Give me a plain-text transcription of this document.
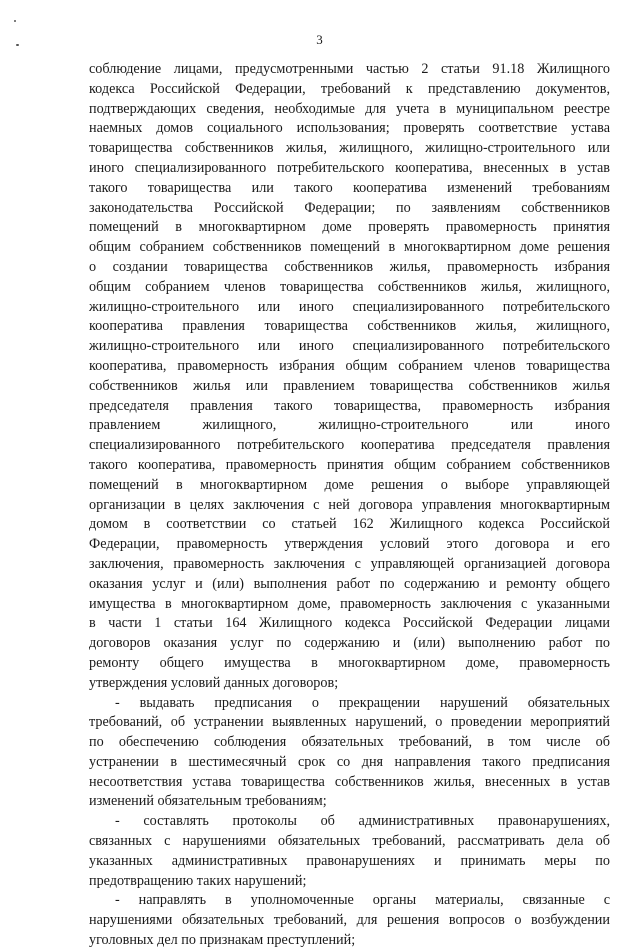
3
соблюдение лицами, предусмотренными частью 2 статьи 91.18 Жилищного
кодекса Российской Федерации, требований к представлению документов,
подтверждающих сведения, необходимые для учета в муниципальном реестре
наемных домов социального использования; проверять соответствие устава
товарищества собственников жилья, жилищного, жилищно-строительного или
иного специализированного потребительского кооператива, внесенных в устав
такого товарищества или такого кооператива изменений требованиям
законодательства Российской Федерации; по заявлениям собственников
помещений в многоквартирном доме проверять правомерность принятия
общим собранием собственников помещений в многоквартирном доме решения
о создании товарищества собственников жилья, правомерность избрания
общим собранием членов товарищества собственников жилья, жилищного,
жилищно-строительного или иного специализированного потребительского
кооператива правления товарищества собственников жилья, жилищного,
жилищно-строительного или иного специализированного потребительского
кооператива, правомерность избрания общим собранием членов товарищества
собственников жилья или правлением товарищества собственников жилья
председателя правления такого товарищества, правомерность избрания
правлением жилищного, жилищно-строительного или иного
специализированного потребительского кооператива председателя правления
такого кооператива, правомерность принятия общим собранием собственников
помещений в многоквартирном доме решения о выборе управляющей
организации в целях заключения с ней договора управления многоквартирным
домом в соответствии со статьей 162 Жилищного кодекса Российской
Федерации, правомерность утверждения условий этого договора и его
заключения, правомерность заключения с управляющей организацией договора
оказания услуг и (или) выполнения работ по содержанию и ремонту общего
имущества в многоквартирном доме, правомерность заключения с указанными
в части 1 статьи 164 Жилищного кодекса Российской Федерации лицами
договоров оказания услуг по содержанию и (или) выполнению работ по
ремонту общего имущества в многоквартирном доме, правомерность
утверждения условий данных договоров;
- выдавать предписания о прекращении нарушений обязательных
требований, об устранении выявленных нарушений, о проведении мероприятий
по обеспечению соблюдения обязательных требований, в том числе об
устранении в шестимесячный срок со дня направления такого предписания
несоответствия устава товарищества собственников жилья, внесенных в устав
изменений обязательным требованиям;
- составлять протоколы об административных правонарушениях,
связанных с нарушениями обязательных требований, рассматривать дела об
указанных административных правонарушениях и принимать меры по
предотвращению таких нарушений;
- направлять в уполномоченные органы материалы, связанные с
нарушениями обязательных требований, для решения вопросов о возбуждении
уголовных дел по признакам преступлений;
